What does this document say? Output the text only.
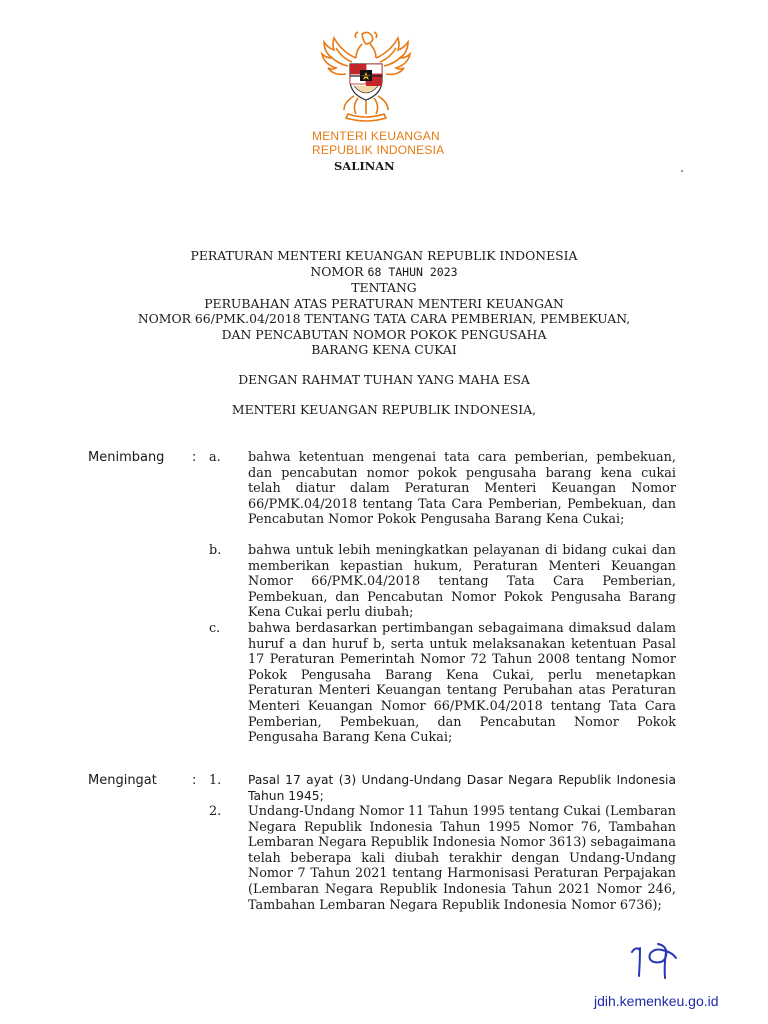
MENTERI KEUANGAN
REPUBLIK INDONESIA
SALINAN
PERATURAN MENTERI KEUANGAN REPUBLIK INDONESIA
NOMOR 68 TAHUN 2023
TENTANG
PERUBAHAN ATAS PERATURAN MENTERI KEUANGAN
NOMOR 66/PMK.04/2018 TENTANG TATA CARA PEMBERIAN, PEMBEKUAN,
DAN PENCABUTAN NOMOR POKOK PENGUSAHA
BARANG KENA CUKAI
DENGAN RAHMAT TUHAN YANG MAHA ESA
MENTERI KEUANGAN REPUBLIK INDONESIA,
Menimbang : a. bahwa ketentuan mengenai tata cara pemberian, pembekuan, dan pencabutan nomor pokok pengusaha barang kena cukai telah diatur dalam Peraturan Menteri Keuangan Nomor 66/PMK.04/2018 tentang Tata Cara Pemberian, Pembekuan, dan Pencabutan Nomor Pokok Pengusaha Barang Kena Cukai;
b. bahwa untuk lebih meningkatkan pelayanan di bidang cukai dan memberikan kepastian hukum, Peraturan Menteri Keuangan Nomor 66/PMK.04/2018 tentang Tata Cara Pemberian, Pembekuan, dan Pencabutan Nomor Pokok Pengusaha Barang Kena Cukai perlu diubah;
c. bahwa berdasarkan pertimbangan sebagaimana dimaksud dalam huruf a dan huruf b, serta untuk melaksanakan ketentuan Pasal 17 Peraturan Pemerintah Nomor 72 Tahun 2008 tentang Nomor Pokok Pengusaha Barang Kena Cukai, perlu menetapkan Peraturan Menteri Keuangan tentang Perubahan atas Peraturan Menteri Keuangan Nomor 66/PMK.04/2018 tentang Tata Cara Pemberian, Pembekuan, dan Pencabutan Nomor Pokok Pengusaha Barang Kena Cukai;
Mengingat	: 1. Pasal 17 ayat (3) Undang-Undang Dasar Negara Republik Indonesia Tahun 1945;
2. Undang-Undang Nomor 11 Tahun 1995 tentang Cukai (Lembaran Negara Republik Indonesia Tahun 1995 Nomor 76, Tambahan Lembaran Negara Republik Indonesia Nomor 3613) sebagaimana telah beberapa kali diubah terakhir dengan Undang-Undang Nomor 7 Tahun 2021 tentang Harmonisasi Peraturan Perpajakan (Lembaran Negara Republik Indonesia Tahun 2021 Nomor 246, Tambahan Lembaran Negara Republik Indonesia Nomor 6736);
jdih.kemenkeu.go.id
